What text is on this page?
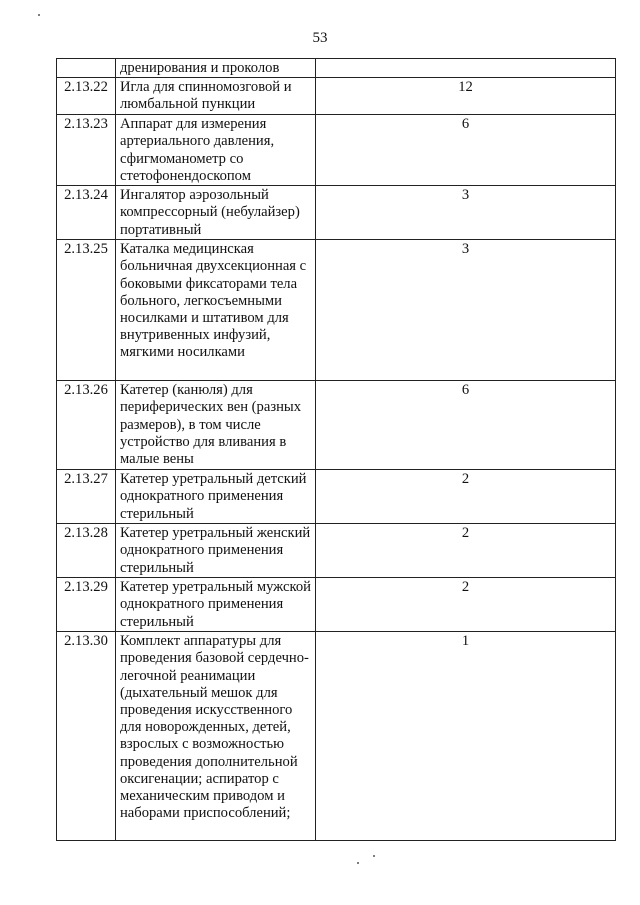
53
	дренирования и проколов	
2.13.22	Игла для спинномозговой и люмбальной пункции	12
2.13.23	Аппарат для измерения артериального давления, сфигмоманометр со стетофонендоскопом	6
2.13.24	Ингалятор аэрозольный компрессорный (небулайзер) портативный	3
2.13.25	Каталка медицинская больничная двухсекционная с боковыми фиксаторами тела больного, легкосъемными носилками и штативом для внутривенных инфузий, мягкими носилками	3
2.13.26	Катетер (канюля) для периферических вен (разных размеров), в том числе устройство для вливания в малые вены	6
2.13.27	Катетер уретральный детский однократного применения стерильный	2
2.13.28	Катетер уретральный женский однократного применения стерильный	2
2.13.29	Катетер уретральный мужской однократного применения стерильный	2
2.13.30	Комплект аппаратуры для проведения базовой сердечно-легочной реанимации (дыхательный мешок для проведения искусственного для новорожденных, детей, взрослых с возможностью проведения дополнительной оксигенации; аспиратор с механическим приводом и наборами приспособлений;	1
